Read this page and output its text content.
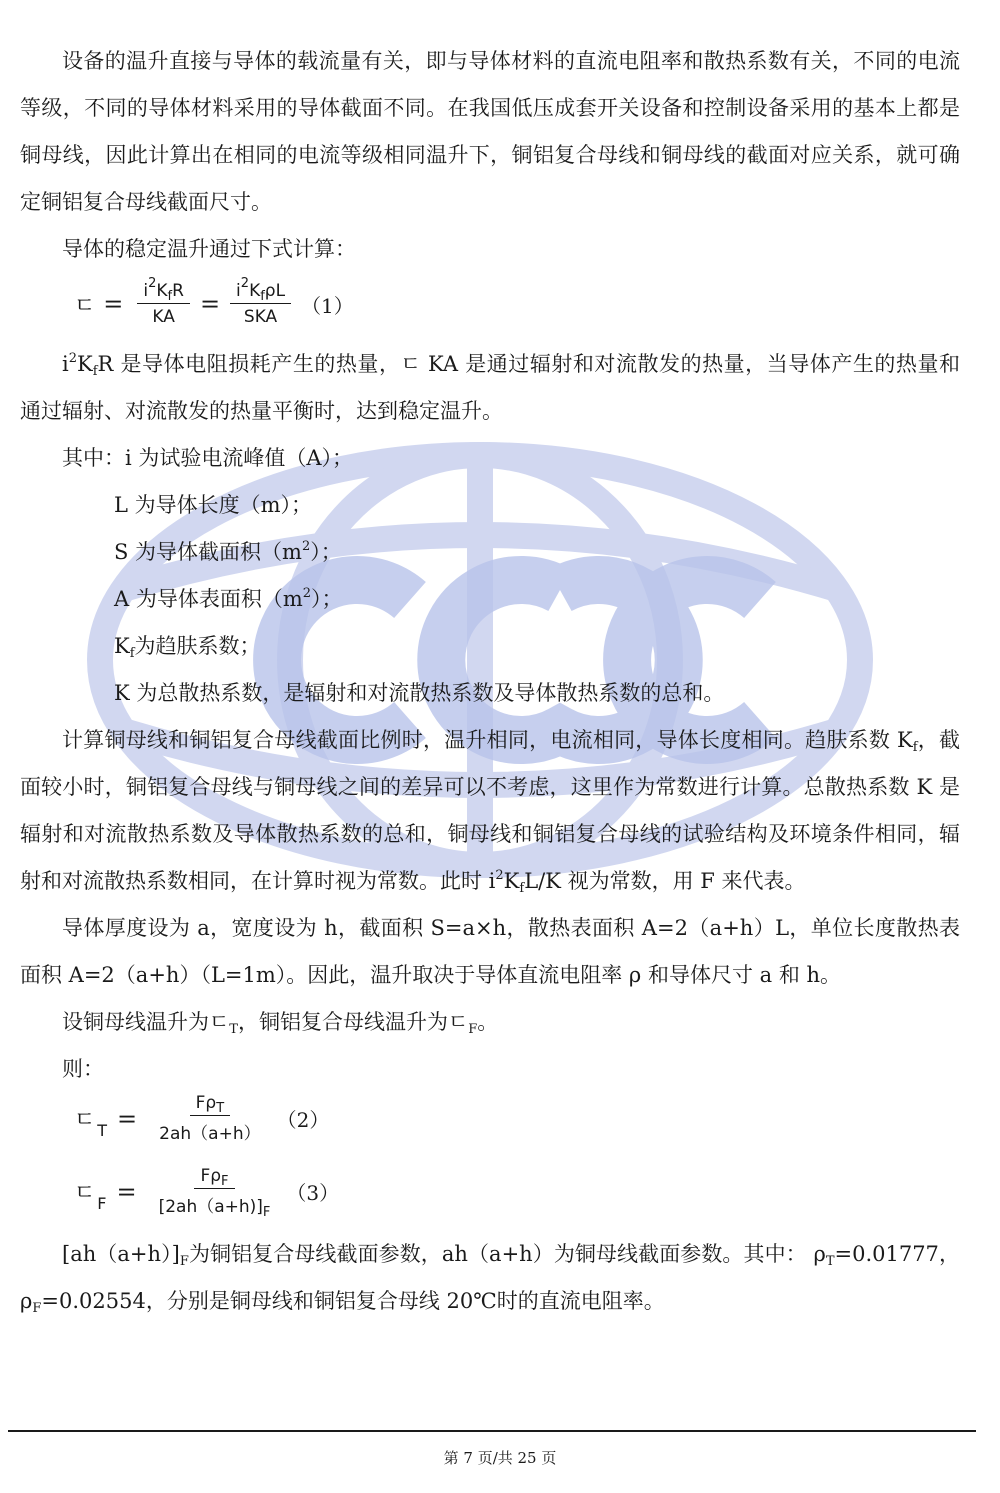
设备的温升直接与导体的载流量有关，即与导体材料的直流电阻率和散热系数有关，不同的电流等级，不同的导体材料采用的导体截面不同。在我国低压成套开关设备和控制设备采用的基本上都是铜母线，因此计算出在相同的电流等级相同温升下，铜铝复合母线和铜母线的截面对应关系，就可确定铜铝复合母线截面尺寸。

导体的稳定温升通过下式计算：

ㄷ = $\frac{i^2K_fR}{KA} = \frac{i^2K_f\rho L}{\text{SKA}} (1)$

$i^2K_fR$ 是导体电阻损耗产生的热量，ㄷ KA 是通过辐射和对流散发的热量，当导体产生的热量和通过辐射、对流散发的热量平衡时，达到稳定温升。

其中：i 为试验电流峰值（A）；

L 为导体长度（m）；

S 为导体截面积$(m^2)$；

A 为导体表面积$(m^2)$；

$K_f$为趋肤系数；

K 为总散热系数，是辐射和对流散热系数及导体散热系数的总和。

计算铜母线和铜铝复合母线截面比例时，温升相同，电流相同，导体长度相同。趋肤系数 $K_f$，截面较小时，铜铝复合母线与铜母线之间的差异可以不考虑，这里作为常数进行计算。总散热系数 K 是辐射和对流散热系数及导体散热系数的总和，铜母线和铜铝复合母线的试验结构及环境条件相同，辐射和对流散热系数相同，在计算时视为常数。此时 $i^2K_fL/K$ 视为常数，用 F 来代表。

导体厚度设为 a，宽度设为 h，截面积 S=a×h，散热表面积 A=2（a+h）L，单位长度散热表面积 A=2（a+h）（L=1m）。因此，温升取决于导体直流电阻率 ρ 和导体尺寸 a 和 h。

设铜母线温升为ㄷ$_T$，铜铝复合母线温升为ㄷ$_F$。

则：

ㄷ $T = \frac{F\rho_T}{2ah(a+h)} (2)$
ㄷ $F = \frac{F\rho_F}{[2ah(a+h)]_F} (3)$

$[ah(a+h)]_F$为铜铝复合母线截面参数，ah（a+h）为铜母线截面参数。其中： $\rho_T=0.01777$，$\rho_F=0.02554$，分别是铜母线和铜铝复合母线 20℃时的直流电阻率。

第 7 页/共 25 页
